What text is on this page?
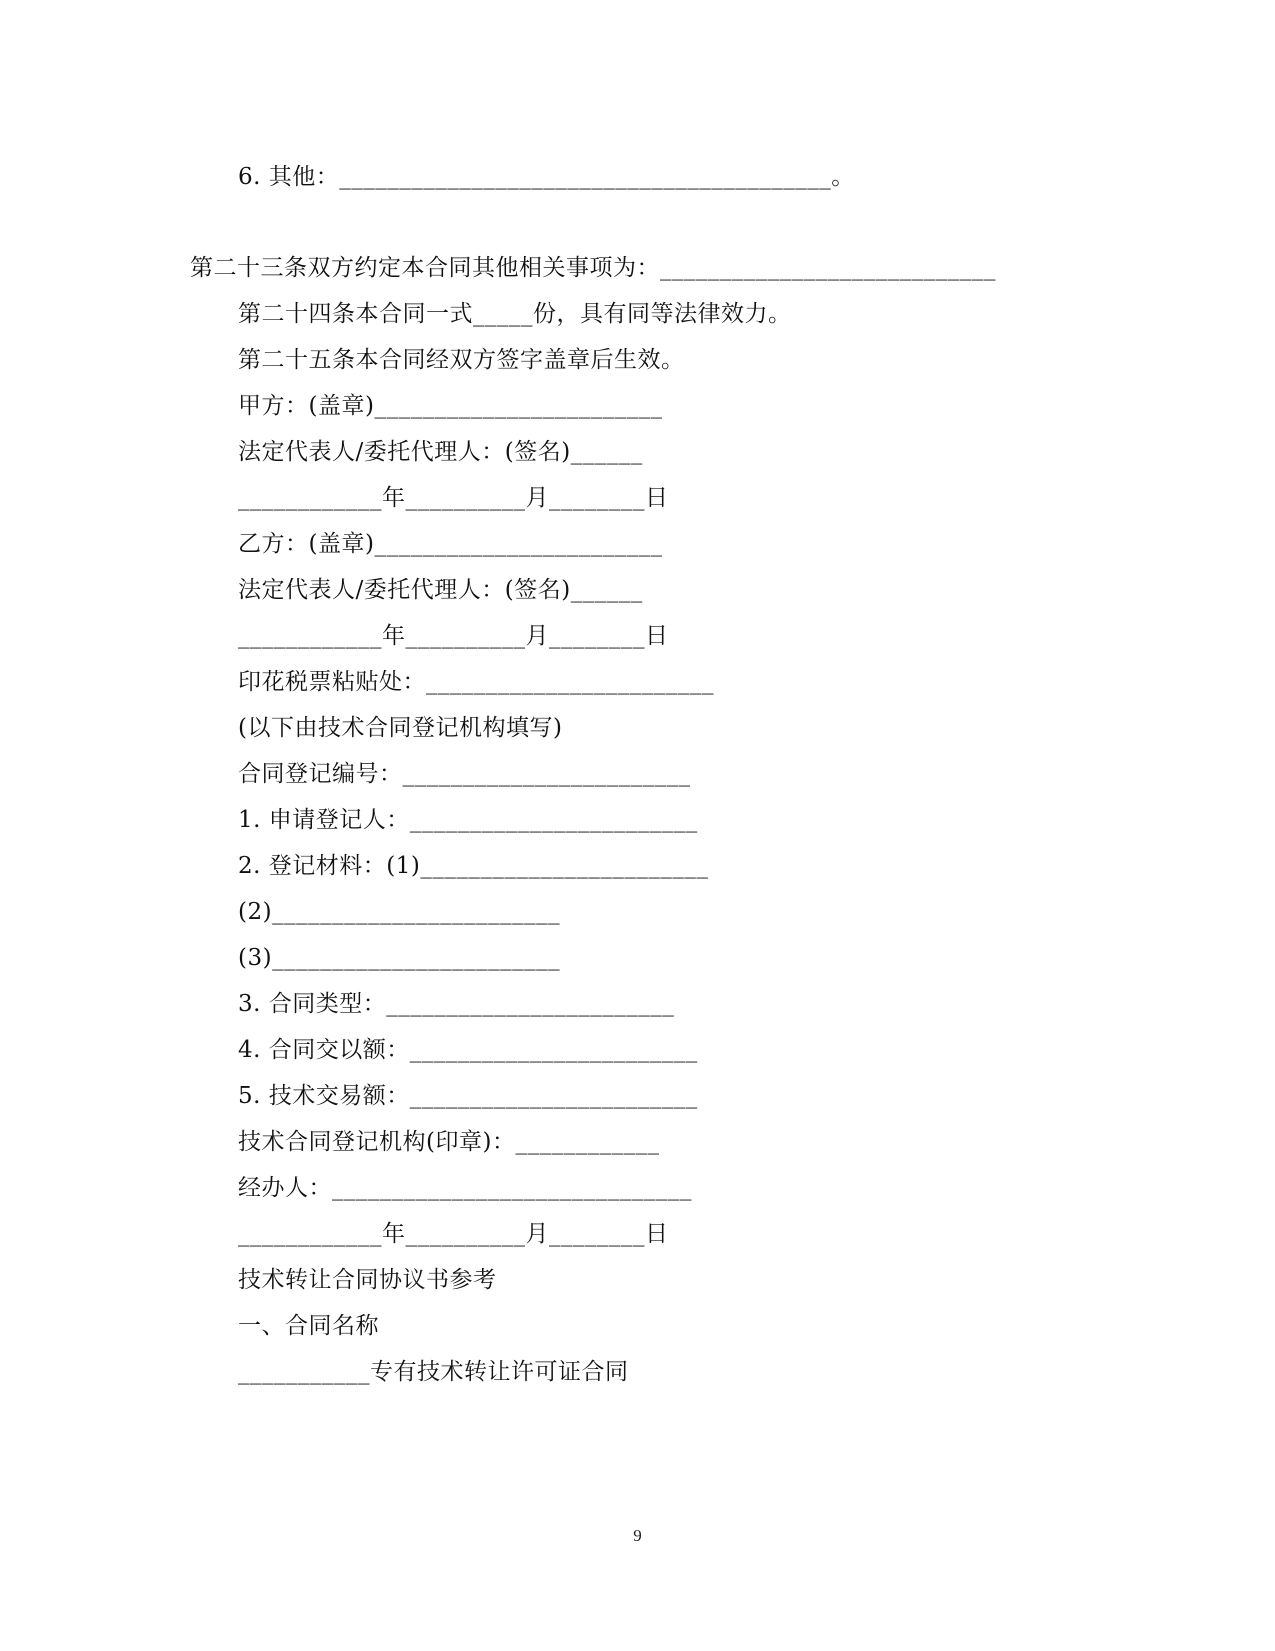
6. 其他：_________________________________________。
第二十三条双方约定本合同其他相关事项为：____________________________
第二十四条本合同一式_____份，具有同等法律效力。
第二十五条本合同经双方签字盖章后生效。
甲方：(盖章)________________________
法定代表人/委托代理人：(签名)______
____________年__________月________日
乙方：(盖章)________________________
法定代表人/委托代理人：(签名)______
____________年__________月________日
印花税票粘贴处：________________________
(以下由技术合同登记机构填写)
合同登记编号：________________________
1. 申请登记人：________________________
2. 登记材料：(1)________________________
(2)________________________
(3)________________________
3. 合同类型：________________________
4. 合同交以额：________________________
5. 技术交易额：________________________
技术合同登记机构(印章)：____________
经办人：______________________________
____________年__________月________日
技术转让合同协议书参考
一、合同名称
___________专有技术转让许可证合同
9
